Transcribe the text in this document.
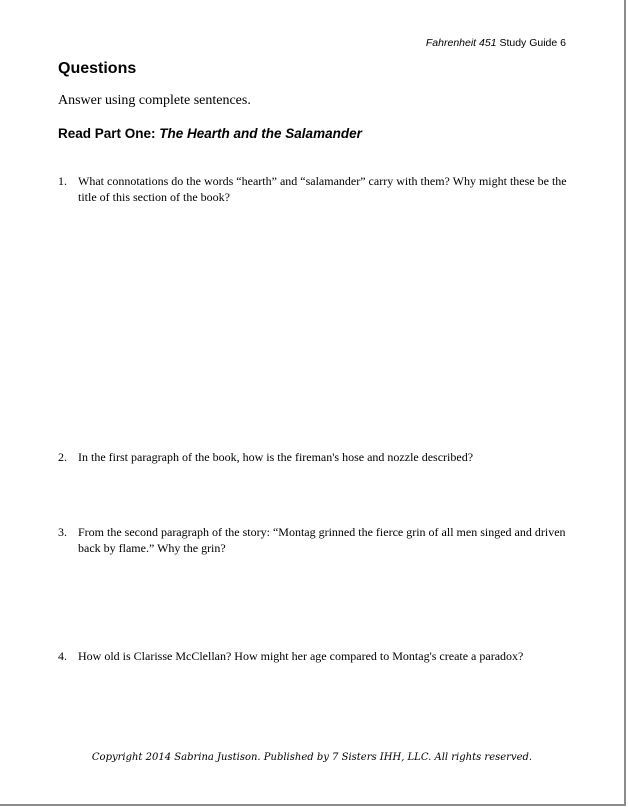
Fahrenheit 451 Study Guide 6
Questions

Answer using complete sentences.

Read Part One: The Hearth and the Salamander
1. What connotations do the words “hearth” and “salamander” carry with them? Why might these be the title of this section of the book?
2. In the first paragraph of the book, how is the fireman's hose and nozzle described?
3. From the second paragraph of the story: “Montag grinned the fierce grin of all men singed and driven back by flame.” Why the grin?
4. How old is Clarisse McClellan? How might her age compared to Montag's create a paradox?
Copyright 2014 Sabrina Justison. Published by 7 Sisters IHH, LLC. All rights reserved.
